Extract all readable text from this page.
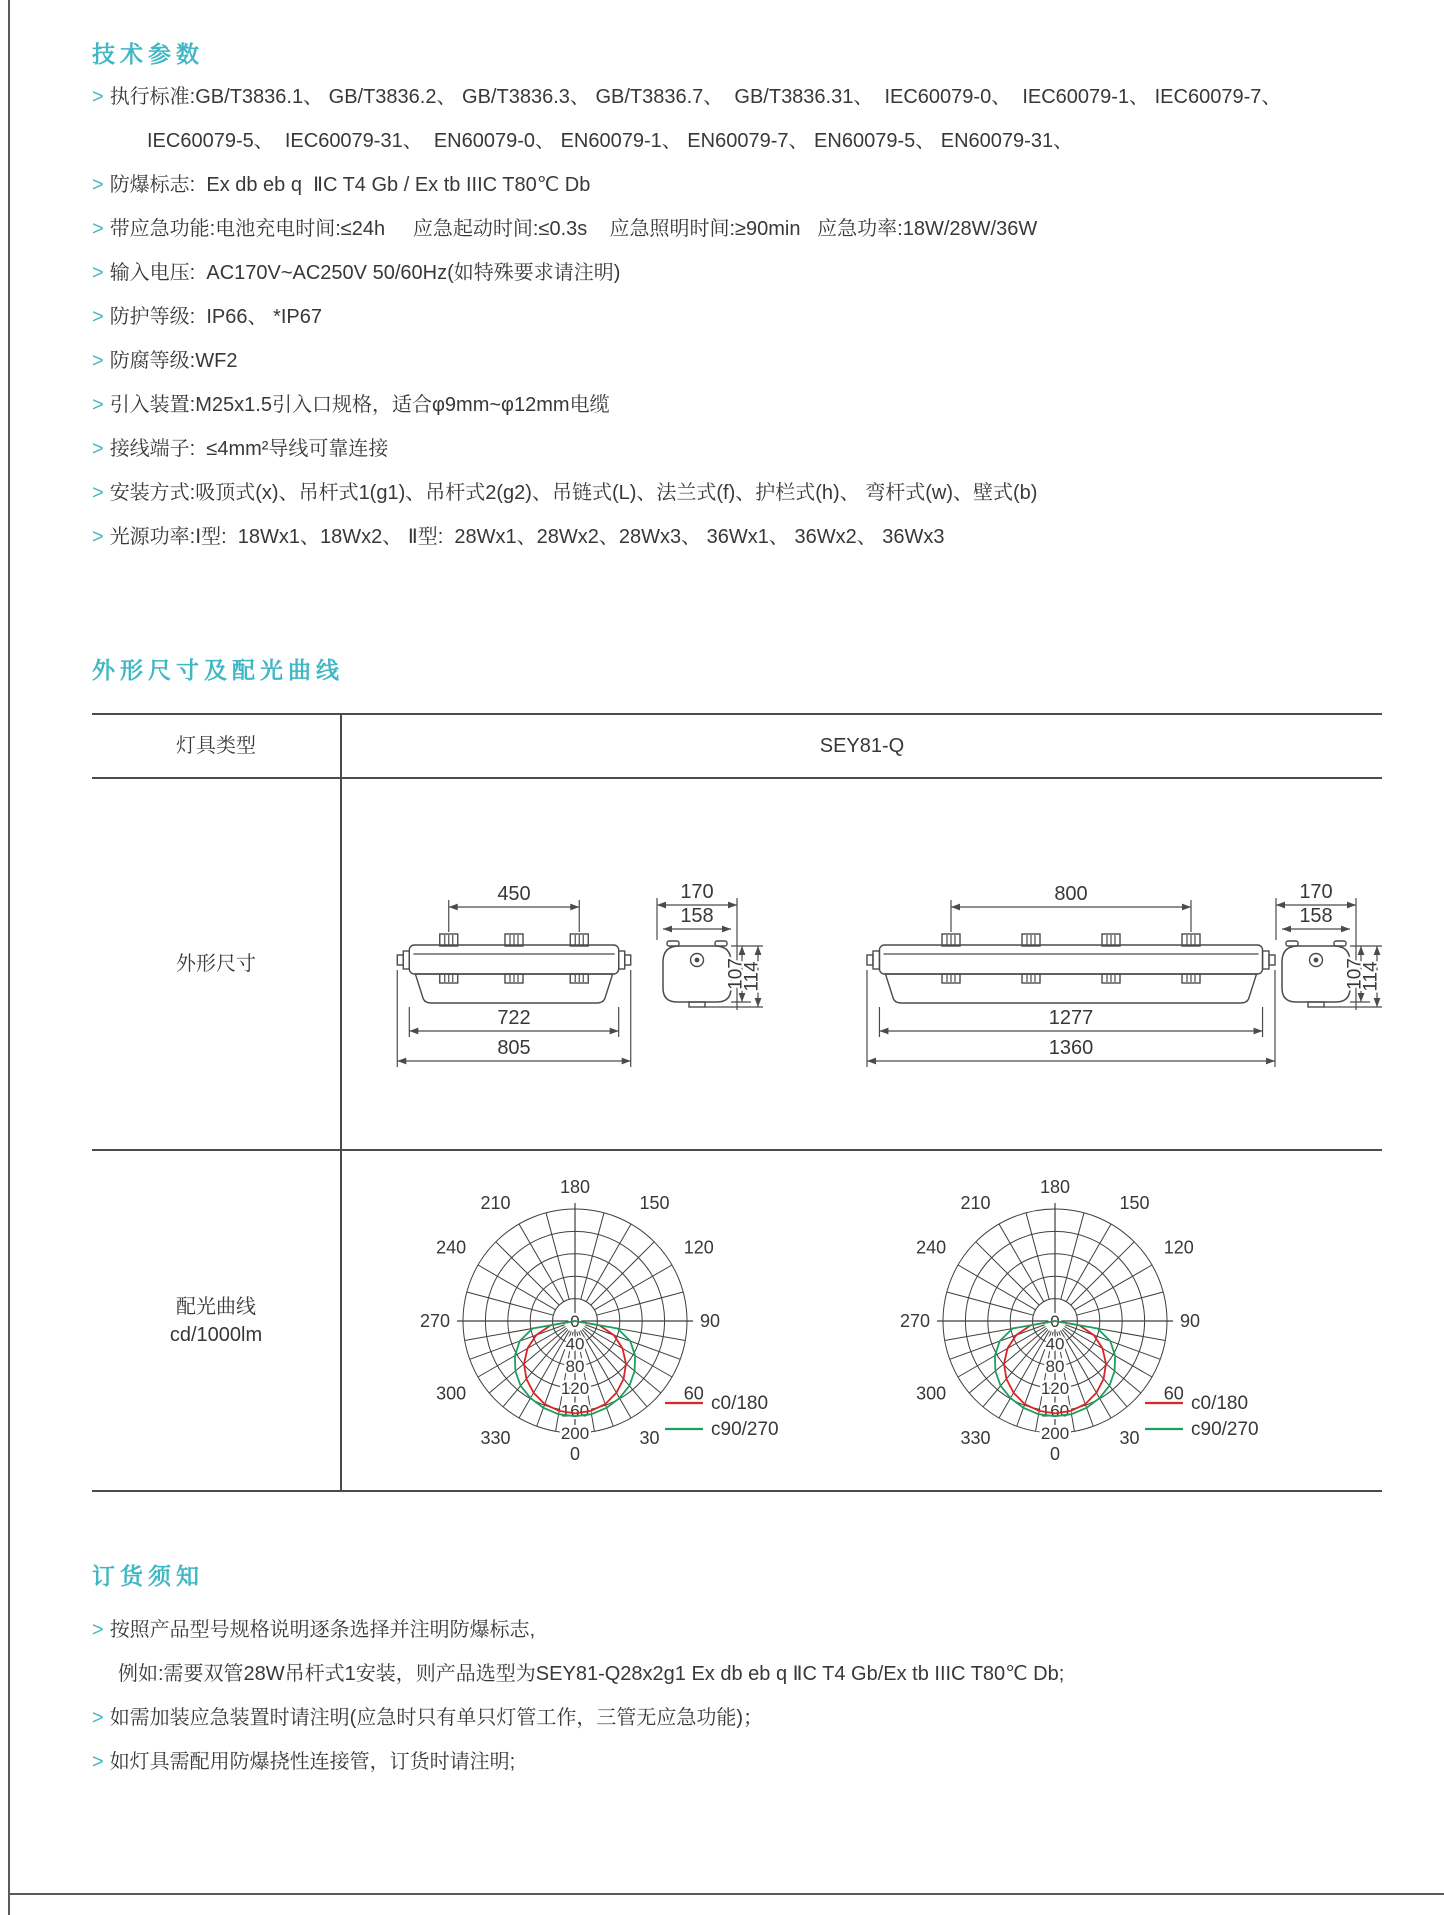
技术参数
> 执行标准:GB/T3836.1、 GB/T3836.2、 GB/T3836.3、 GB/T3836.7、  GB/T3836.31、  IEC60079-0、  IEC60079-1、 IEC60079-7、
IEC60079-5、  IEC60079-31、  EN60079-0、 EN60079-1、 EN60079-7、 EN60079-5、 EN60079-31、
> 防爆标志:  Ex db eb q  ⅡC T4 Gb / Ex tb IIIC T80℃ Db
> 带应急功能:电池充电时间:≤24h     应急起动时间:≤0.3s    应急照明时间:≥90min   应急功率:18W/28W/36W
> 输入电压:  AC170V~AC250V 50/60Hz(如特殊要求请注明)
> 防护等级:  IP66、 *IP67
> 防腐等级:WF2
> 引入装置:M25x1.5引入口规格，适合φ9mm~φ12mm电缆
> 接线端子:  ≤4mm²导线可靠连接
> 安装方式:吸顶式(x)、吊杆式1(g1)、吊杆式2(g2)、吊链式(L)、法兰式(f)、护栏式(h)、 弯杆式(w)、壁式(b)
> 光源功率:Ⅰ型:  18Wx1、18Wx2、 Ⅱ型:  28Wx1、28Wx2、28Wx3、 36Wx1、 36Wx2、 36Wx3
外形尺寸及配光曲线
灯具类型	SEY81-Q
外形尺寸
配光曲线
cd/1000lm
450
722
805
170
158
107
114
800
1277
1360
170
158
107
114
0
30
60
90
120
150
180
210
240
270
300
330
0
40
80
120
160
200
c0/180
c90/270
0
30
60
90
120
150
180
210
240
270
300
330
0
40
80
120
160
200
c0/180
c90/270
订货须知
> 按照产品型号规格说明逐条选择并注明防爆标志,
例如:需要双管28W吊杆式1安装，则产品选型为SEY81-Q28x2g1 Ex db eb q ⅡC T4 Gb/Ex tb IIIC T80℃ Db;
> 如需加装应急装置时请注明(应急时只有单只灯管工作，三管无应急功能)；
> 如灯具需配用防爆挠性连接管，订货时请注明;
